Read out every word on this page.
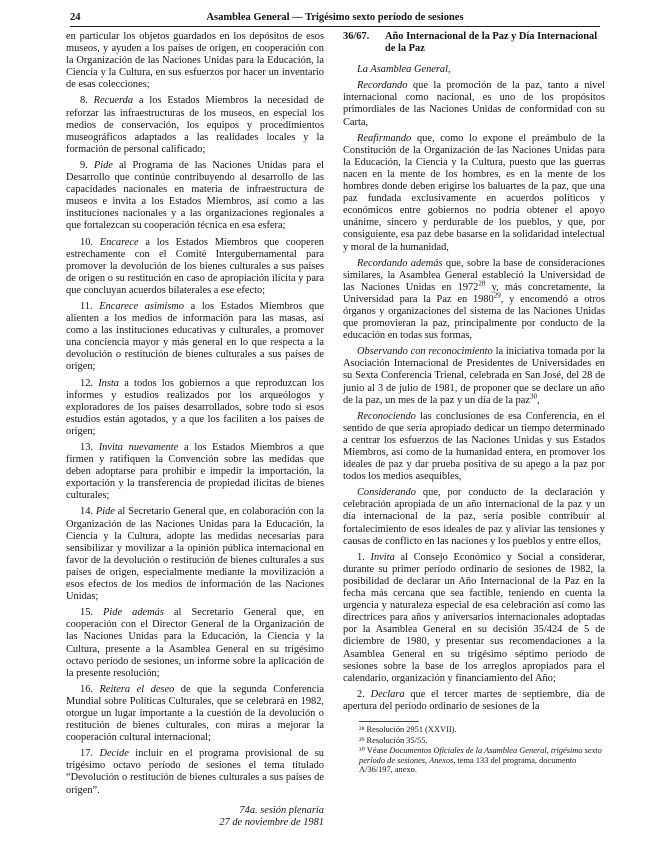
24	Asamblea General — Trigésimo sexto período de sesiones

en particular los objetos guardados en los depósitos de esos museos, y ayuden a los países de origen, en cooperación con la Organización de las Naciones Unidas para la Educación, la Ciencia y la Cultura, en sus esfuerzos por hacer un inventario de esas colecciones;

8. Recuerda a los Estados Miembros la necesidad de reforzar las infraestructuras de los museos, en especial los medios de conservación, los equipos y procedimientos museográficos adaptados a las realidades locales y la formación de personal calificado;

9. Pide al Programa de las Naciones Unidas para el Desarrollo que continúe contribuyendo al desarrollo de las capacidades nacionales en materia de infraestructura de museos e invita a los Estados Miembros, así como a las instituciones nacionales y a las organizaciones regionales a que fortalezcan su cooperación técnica en esa esfera;

10. Encarece a los Estados Miembros que cooperen estrechamente con el Comité Intergubernamental para promover la devolución de los bienes culturales a sus países de origen o su restitución en caso de apropiación ilícita y para que concluyan acuerdos bilaterales a ese efecto;

11. Encarece asimismo a los Estados Miembros que alienten a los medios de información para las masas, así como a las instituciones educativas y culturales, a promover una conciencia mayor y más general en lo que respecta a la devolución o restitución de bienes culturales a sus países de origen;

12. Insta a todos los gobiernos a que reproduzcan los informes y estudios realizados por los arqueólogos y exploradores de los países desarrollados, sobre todo si esos estudios están agotados, y a que los faciliten a los países de origen;

13. Invita nuevamente a los Estados Miembros a que firmen y ratifiquen la Convención sobre las medidas que deben adoptarse para prohibir e impedir la importación, la exportación y la transferencia de propiedad ilícitas de bienes culturales;

14. Pide al Secretario General que, en colaboración con la Organización de las Naciones Unidas para la Educación, la Ciencia y la Cultura, adopte las medidas necesarias para sensibilizar y movilizar a la opinión pública internacional en favor de la devolución o restitución de bienes culturales a sus países de origen, especialmente mediante la movilización a esos efectos de los medios de información de las Naciones Unidas;

15. Pide además al Secretario General que, en cooperación con el Director General de la Organización de las Naciones Unidas para la Educación, la Ciencia y la Cultura, presente a la Asamblea General en su trigésimo octavo período de sesiones, un informe sobre la aplicación de la presente resolución;

16. Reitera el deseo de que la segunda Conferencia Mundial sobre Políticas Culturales, que se celebrará en 1982, otorgue un lugar importante a la cuestión de la devolución o restitución de bienes culturales, con miras a mejorar la cooperación cultural internacional;

17. Decide incluir en el programa provisional de su trigésimo octavo período de sesiones el tema titulado “Devolución o restitución de bienes culturales a sus países de origen”.

74a. sesión plenaria
27 de noviembre de 1981
36/67.	Año Internacional de la Paz y Día Internacional de la Paz

La Asamblea General,

Recordando que la promoción de la paz, tanto a nivel internacional como nacional, es uno de los propósitos primordiales de las Naciones Unidas de conformidad con su Carta,

Reafirmando que, como lo expone el preámbulo de la Constitución de la Organización de las Naciones Unidas para la Educación, la Ciencia y la Cultura, puesto que las guerras nacen en la mente de los hombres, es en la mente de los hombres donde deben erigirse los baluartes de la paz, que una paz fundada exclusivamente en acuerdos políticos y económicos entre gobiernos no podría obtener el apoyo unánime, sincero y perdurable de los pueblos, y que, por consiguiente, esa paz debe basarse en la solidaridad intelectual y moral de la humanidad,

Recordando además que, sobre la base de consideraciones similares, la Asamblea General estableció la Universidad de las Naciones Unidas en 1972$^{28}$ y, más concretamente, la Universidad para la Paz en 1980$^{29}$, y encomendó a otros órganos y organizaciones del sistema de las Naciones Unidas que promovieran la paz, principalmente por conducto de la educación en todas sus formas,

Observando con reconocimiento la iniciativa tomada por la Asociación Internacional de Presidentes de Universidades en su Sexta Conferencia Trienal, celebrada en San José, del 28 de junio al 3 de julio de 1981, de proponer que se declare un año de la paz, un mes de la paz y un día de la paz$^{30}$,

Reconociendo las conclusiones de esa Conferencia, en el sentido de que sería apropiado dedicar un tiempo determinado a centrar los esfuerzos de las Naciones Unidas y sus Estados Miembros, así como de la humanidad entera, en promover los ideales de paz y dar prueba positiva de su apego a la paz por todos los medios asequibles,

Considerando que, por conducto de la declaración y celebración apropiada de un año internacional de la paz y un día internacional de la paz, sería posible contribuir al fortalecimiento de esos ideales de paz y aliviar las tensiones y causas de conflicto en las naciones y los pueblos y entre ellos,

1. Invita al Consejo Económico y Social a considerar, durante su primer período ordinario de sesiones de 1982, la posibilidad de declarar un Año Internacional de la Paz en la fecha más cercana que sea factible, teniendo en cuenta la urgencia y naturaleza especial de esa celebración así como las directrices para años y aniversarios internacionales adoptadas por la Asamblea General en su decisión 35/424 de 5 de diciembre de 1980, y presentar sus recomendaciones a la Asamblea General en su trigésimo séptimo período de sesiones sobre la base de los arreglos apropiados para el calendario, organización y financiamiento del Año;

2. Declara que el tercer martes de septiembre, día de apertura del período ordinario de sesiones de la

²⁸ Resolución 2951 (XXVII).

²⁹ Resolución 35/55.

³⁰ Véase Documentos Oficiales de la Asamblea General, trigésimo sexto período de sesiones, Anexos, tema 133 del programa, documento A/36/197, anexo.
